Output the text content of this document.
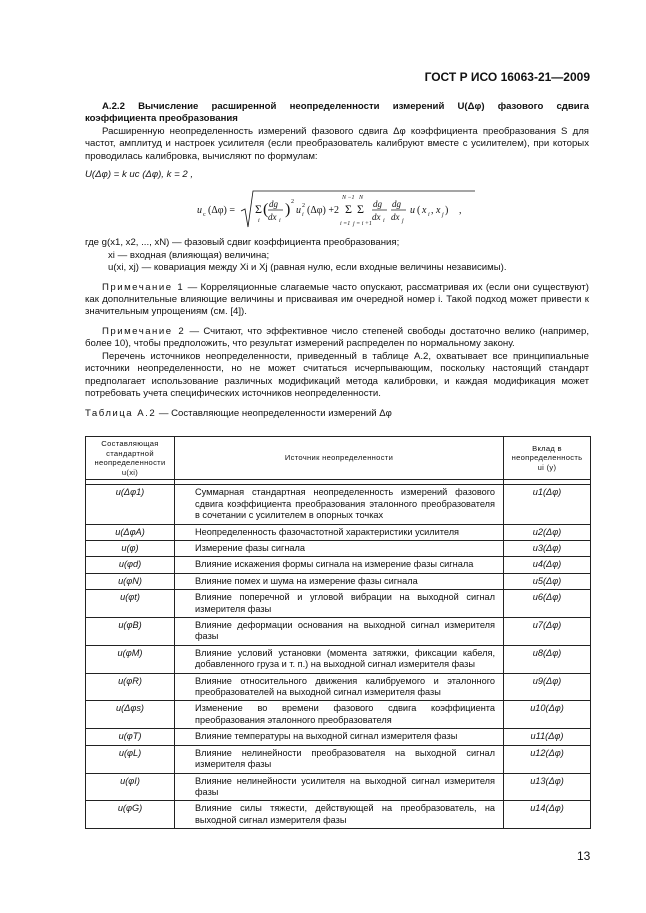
ГОСТ Р ИСО 16063-21—2009

А.2.2 Вычисление расширенной неопределенности измерений U(Δφ) фазового сдвига коэффициента преобразования

Расширенную неопределенность измерений фазового сдвига Δφ коэффициента преобразования S для частот, амплитуд и настроек усилителя (если преобразователь калибруют вместе с усилителем), при которых проводилась калибровка, вычисляют по формулам:

U(Δφ) = k uc (Δφ), k = 2 ,

u c (Δφ) = Σ
i
( dg
dx i
) 2
u i
2 (Δφ) +2
N −1
Σ
i =1
N
Σ
j = i +1
dg
dx i
dg
dx j
u ( x i , x j ) ,

где g(x1, x2, ..., xN) — фазовый сдвиг коэффициента преобразования;

xi — входная (влияющая) величина;

u(xi, xj) — ковариация между Xi и Xj (равная нулю, если входные величины независимы).

Примечание 1 — Корреляционные слагаемые часто опускают, рассматривая их (если они существуют) как дополнительные влияющие величины и присваивая им очередной номер i. Такой подход может привести к значительным упрощениям (см. [4]).

Примечание 2 — Считают, что эффективное число степеней свободы достаточно велико (например, более 10), чтобы предположить, что результат измерений распределен по нормальному закону.

Перечень источников неопределенности, приведенный в таблице А.2, охватывает все принципиальные источники неопределенности, но не может считаться исчерпывающим, поскольку настоящий стандарт предполагает использование различных модификаций метода калибровки, и каждая модификация может потребовать учета специфических источников неопределенности.

Таблица А.2 — Составляющие неопределенности измерений Δφ

Составляющая стандартной неопределенности u(xi)	Источник неопределенности	Вклад в неопределенность ui (y)

u(Δφ1)	Суммарная стандартная неопределенность измерений фазового сдвига коэффициента преобразования эталонного преобразователя в сочетании с усилителем в опорных точках	u1(Δφ)
u(ΔφA)	Неопределенность фазочастотной характеристики усилителя	u2(Δφ)
u(φ)	Измерение фазы сигнала	u3(Δφ)
u(φd)	Влияние искажения формы сигнала на измерение фазы сигнала	u4(Δφ)
u(φN)	Влияние помех и шума на измерение фазы сигнала	u5(Δφ)
u(φt)	Влияние поперечной и угловой вибрации на выходной сигнал измерителя фазы	u6(Δφ)
u(φB)	Влияние деформации основания на выходной сигнал измерителя фазы	u7(Δφ)
u(φM)	Влияние условий установки (момента затяжки, фиксации кабеля, добавленного груза и т. п.) на выходной сигнал измерителя фазы	u8(Δφ)
u(φR)	Влияние относительного движения калибруемого и эталонного преобразователей на выходной сигнал измерителя фазы	u9(Δφ)
u(Δφs)	Изменение во времени фазового сдвига коэффициента преобразования эталонного преобразователя	u10(Δφ)
u(φT)	Влияние температуры на выходной сигнал измерителя фазы	u11(Δφ)
u(φL)	Влияние нелинейности преобразователя на выходной сигнал измерителя фазы	u12(Δφ)
u(φI)	Влияние нелинейности усилителя на выходной сигнал измерителя фазы	u13(Δφ)
u(φG)	Влияние силы тяжести, действующей на преобразователь, на выходной сигнал измерителя фазы	u14(Δφ)
13
